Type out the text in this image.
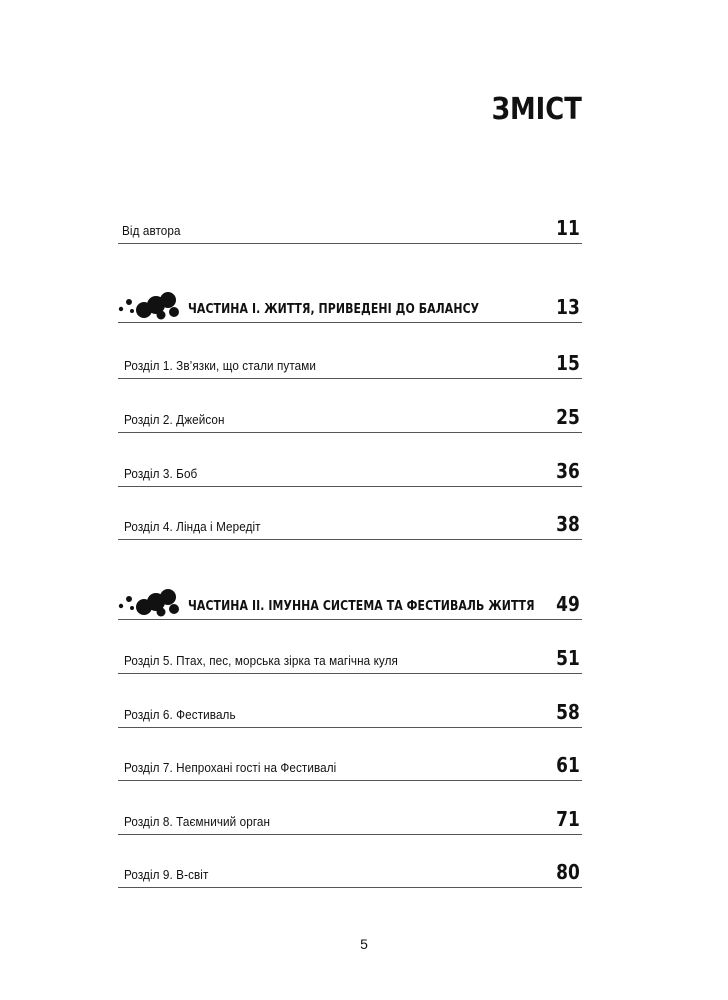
ЗМІСТ
Від автора	11
ЧАСТИНА І. ЖИТТЯ, ПРИВЕДЕНІ ДО БАЛАНСУ	13
Розділ 1. Зв’язки, що стали путами	15
Розділ 2. Джейсон	25
Розділ 3. Боб	36
Розділ 4. Лінда і Мередіт	38
ЧАСТИНА ІІ. ІМУННА СИСТЕМА ТА ФЕСТИВАЛЬ ЖИТТЯ 49
Розділ 5. Птах, пес, морська зірка та магічна куля	51
Розділ 6. Фестиваль	58
Розділ 7. Непрохані гості на Фестивалі	61
Розділ 8. Таємничий орган	71
Розділ 9. В-світ	80
5
